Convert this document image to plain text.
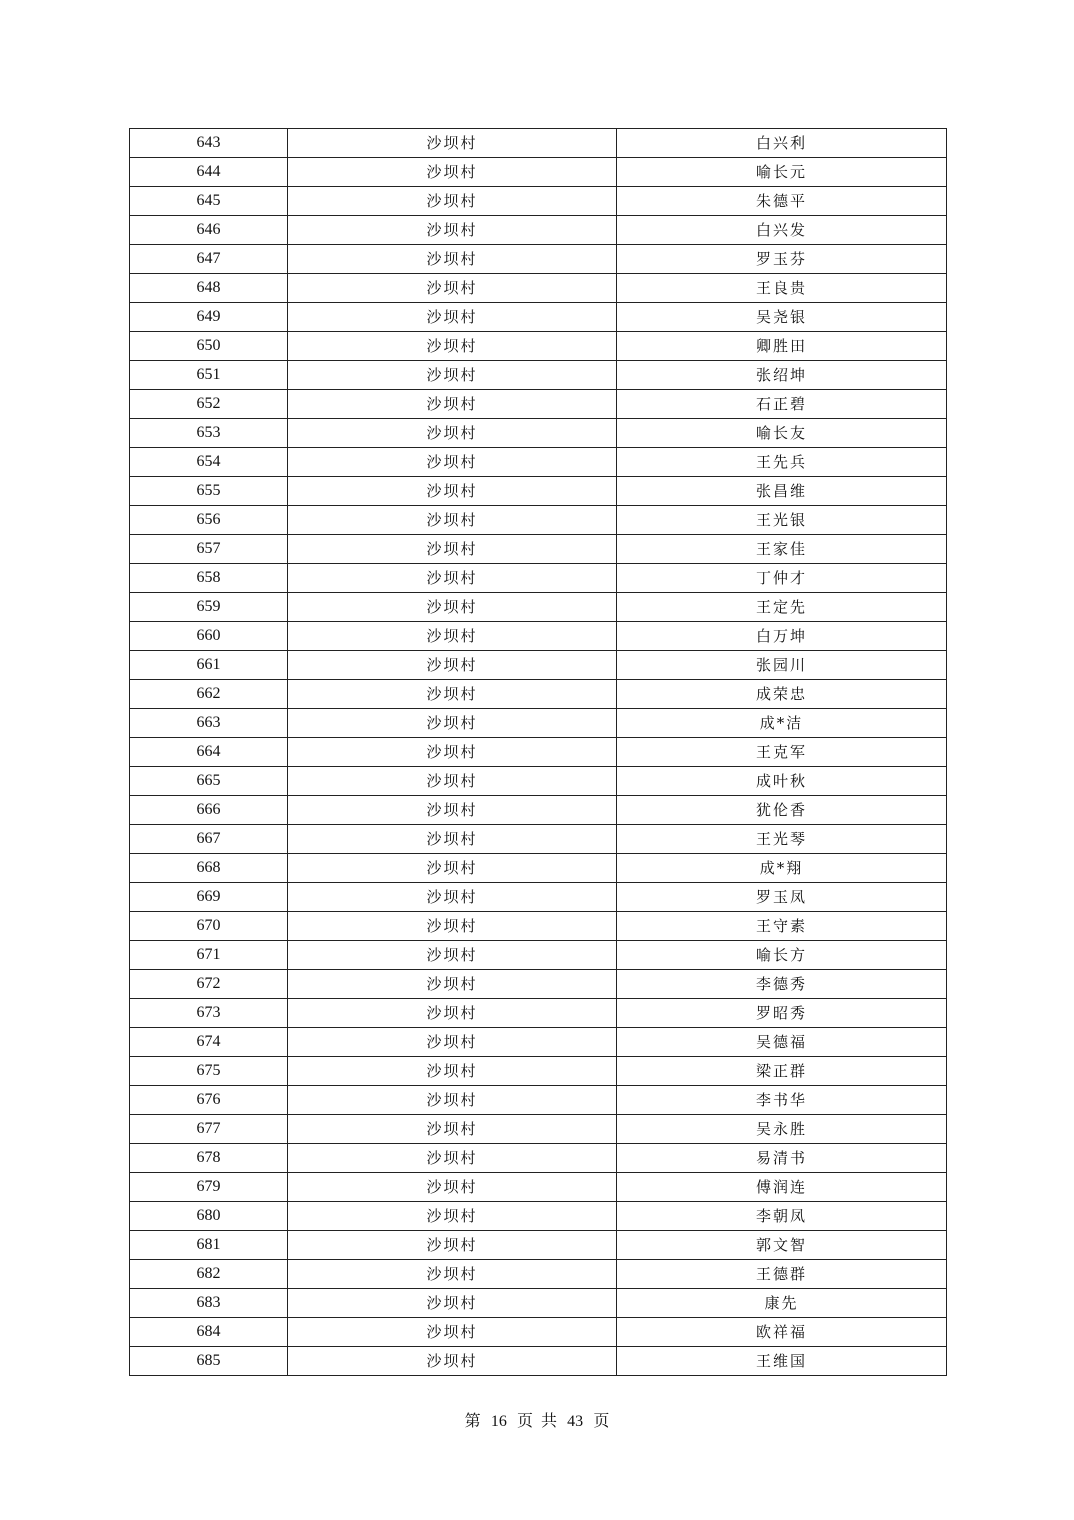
643	沙坝村	白兴利
644	沙坝村	喻长元
645	沙坝村	朱德平
646	沙坝村	白兴发
647	沙坝村	罗玉芬
648	沙坝村	王良贵
649	沙坝村	吴尧银
650	沙坝村	卿胜田
651	沙坝村	张绍坤
652	沙坝村	石正碧
653	沙坝村	喻长友
654	沙坝村	王先兵
655	沙坝村	张昌维
656	沙坝村	王光银
657	沙坝村	王家佳
658	沙坝村	丁仲才
659	沙坝村	王定先
660	沙坝村	白万坤
661	沙坝村	张园川
662	沙坝村	成荣忠
663	沙坝村	成*洁
664	沙坝村	王克军
665	沙坝村	成叶秋
666	沙坝村	犹伦香
667	沙坝村	王光琴
668	沙坝村	成*翔
669	沙坝村	罗玉凤
670	沙坝村	王守素
671	沙坝村	喻长方
672	沙坝村	李德秀
673	沙坝村	罗昭秀
674	沙坝村	吴德福
675	沙坝村	梁正群
676	沙坝村	李书华
677	沙坝村	吴永胜
678	沙坝村	易清书
679	沙坝村	傅润连
680	沙坝村	李朝凤
681	沙坝村	郭文智
682	沙坝村	王德群
683	沙坝村	康先
684	沙坝村	欧祥福
685	沙坝村	王维国
第 16 页  共 43 页
